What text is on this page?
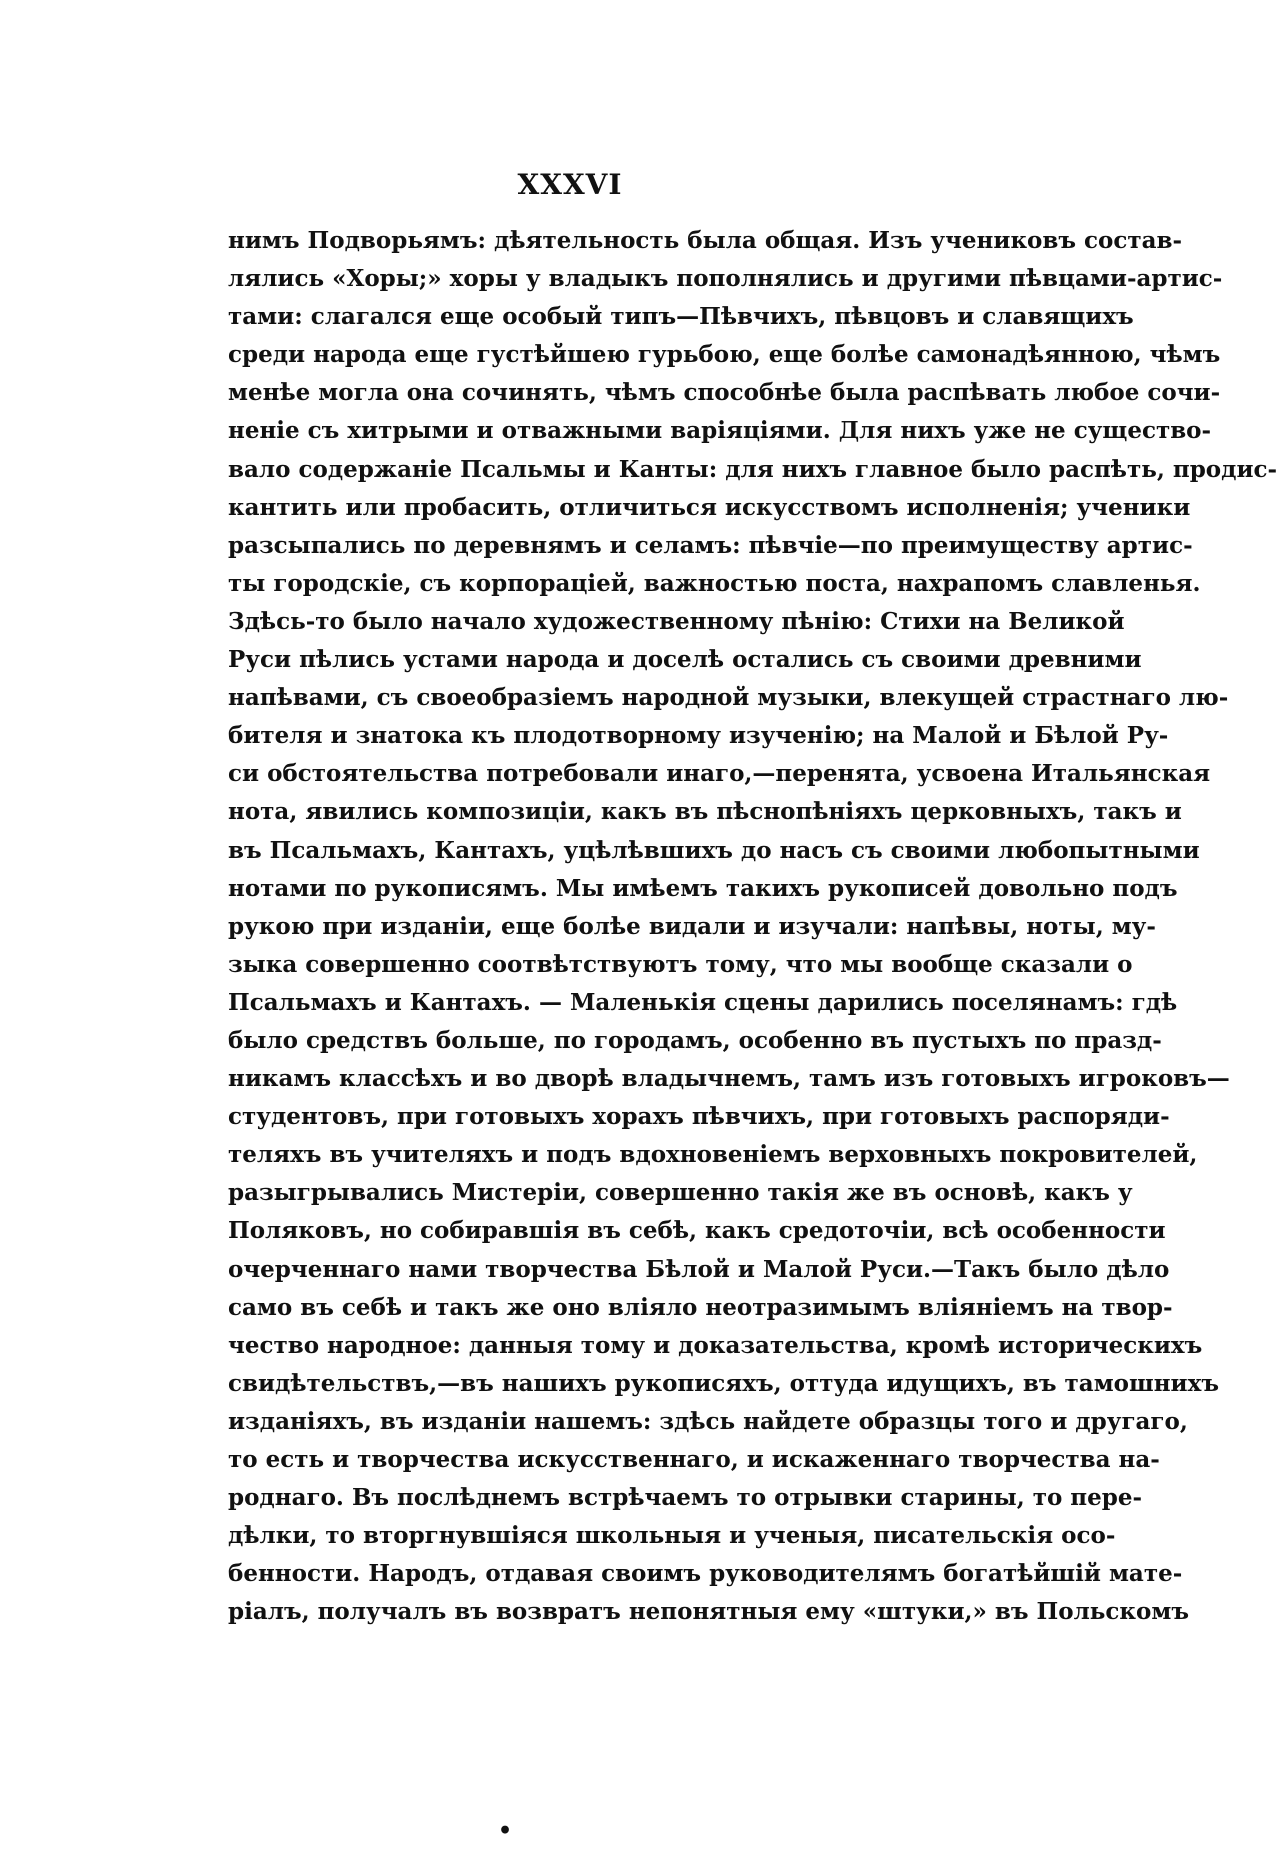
XXXVI
нимъ Подворьямъ: дѣятельность была общая. Изъ учениковъ состав-
лялись «Хоры;» хоры у владыкъ пополнялись и другими пѣвцами-артис-
тами: слагался еще особый типъ—Пѣвчихъ, пѣвцовъ и славящихъ
среди народа еще густѣйшею гурьбою, еще болѣе самонадѣянною, чѣмъ
менѣе могла она сочинять, чѣмъ способнѣе была распѣвать любое сочи-
неніе съ хитрыми и отважными варіяціями. Для нихъ уже не существо-
вало содержаніе Псальмы и Канты: для нихъ главное было распѣть, продис-
кантить или пробасить, отличиться искусствомъ исполненія; ученики
разсыпались по деревнямъ и селамъ: пѣвчіе—по преимуществу артис-
ты городскіе, съ корпораціей, важностью поста, нахрапомъ славленья.
Здѣсь-то было начало художественному пѣнію: Стихи на Великой
Руси пѣлись устами народа и доселѣ остались съ своими древними
напѣвами, съ своеобразіемъ народной музыки, влекущей страстнаго лю-
бителя и знатока къ плодотворному изученію; на Малой и Бѣлой Ру-
си обстоятельства потребовали инаго,—перенята, усвоена Итальянская
нота, явились композиціи, какъ въ пѣснопѣніяхъ церковныхъ, такъ и
въ Псальмахъ, Кантахъ, уцѣлѣвшихъ до насъ съ своими любопытными
нотами по рукописямъ. Мы имѣемъ такихъ рукописей довольно подъ
рукою при изданіи, еще болѣе видали и изучали: напѣвы, ноты, му-
зыка совершенно соотвѣтствуютъ тому, что мы вообще сказали о
Псальмахъ и Кантахъ. — Маленькія сцены дарились поселянамъ: гдѣ
было средствъ больше, по городамъ, особенно въ пустыхъ по празд-
никамъ классѣхъ и во дворѣ владычнемъ, тамъ изъ готовыхъ игроковъ—
студентовъ, при готовыхъ хорахъ пѣвчихъ, при готовыхъ распоряди-
теляхъ въ учителяхъ и подъ вдохновеніемъ верховныхъ покровителей,
разыгрывались Мистеріи, совершенно такія же въ основѣ, какъ у
Поляковъ, но собиравшія въ себѣ, какъ средоточіи, всѣ особенности
очерченнаго нами творчества Бѣлой и Малой Руси.—Такъ было дѣло
само въ себѣ и такъ же оно вліяло неотразимымъ вліяніемъ на твор-
чество народное: данныя тому и доказательства, кромѣ историческихъ
свидѣтельствъ,—въ нашихъ рукописяхъ, оттуда идущихъ, въ тамошнихъ
изданіяхъ, въ изданіи нашемъ: здѣсь найдете образцы того и другаго,
то есть и творчества искусственнаго, и искаженнаго творчества на-
роднаго. Въ послѣднемъ встрѣчаемъ то отрывки старины, то пере-
дѣлки, то вторгнувшіяся школьныя и ученыя, писательскія осо-
бенности. Народъ, отдавая своимъ руководителямъ богатѣйшій мате-
ріалъ, получалъ въ возвратъ непонятныя ему «штуки,» въ Польскомъ
•
